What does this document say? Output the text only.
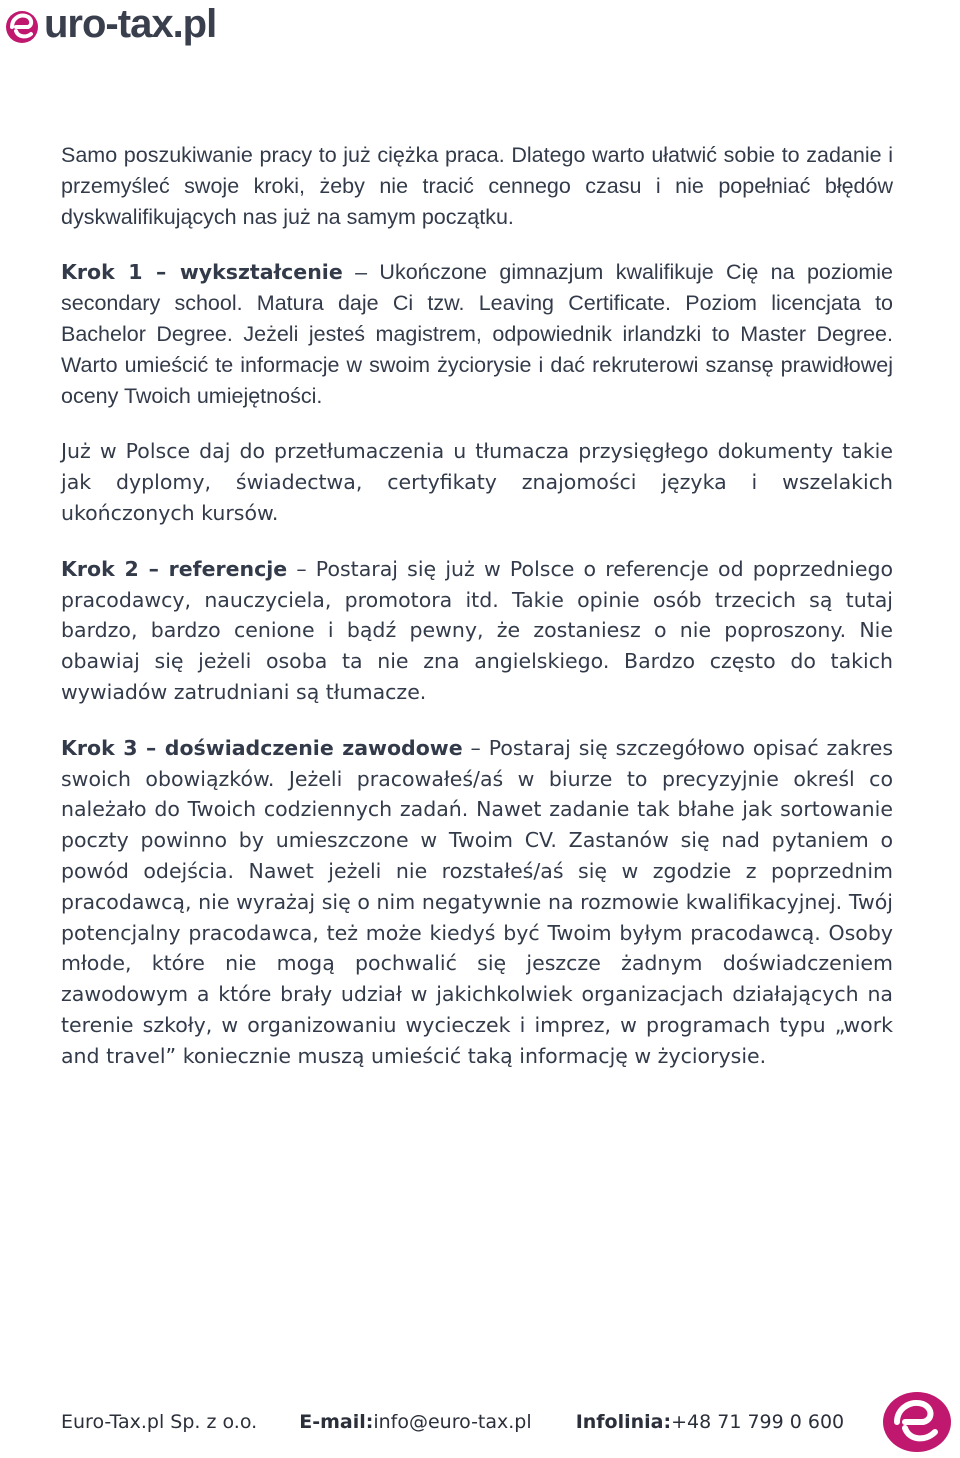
uro-tax.pl

Samo poszukiwanie pracy to już ciężka praca. Dlatego warto ułatwić sobie to zadanie i przemyśleć swoje kroki, żeby nie tracić cennego czasu i nie popełniać błędów dyskwalifikujących nas już na samym początku.

Krok 1 – wykształcenie – Ukończone gimnazjum kwalifikuje Cię na poziomie secondary school. Matura daje Ci tzw. Leaving Certificate. Poziom licencjata to Bachelor Degree. Jeżeli jesteś magistrem, odpowiednik irlandzki to Master Degree. Warto umieścić te informacje w swoim życiorysie i dać rekruterowi szansę prawidłowej oceny Twoich umiejętności.

Już w Polsce daj do przetłumaczenia u tłumacza przysięgłego dokumenty takie jak dyplomy, świadectwa, certyfikaty znajomości języka i wszelakich ukończonych kursów.

Krok 2 – referencje – Postaraj się już w Polsce o referencje od poprzedniego pracodawcy, nauczyciela, promotora itd. Takie opinie osób trzecich są tutaj bardzo, bardzo cenione i bądź pewny, że zostaniesz o nie poproszony. Nie obawiaj się jeżeli osoba ta nie zna angielskiego. Bardzo często do takich wywiadów zatrudniani są tłumacze.

Krok 3 – doświadczenie zawodowe – Postaraj się szczegółowo opisać zakres swoich obowiązków. Jeżeli pracowałeś/aś w biurze to precyzyjnie określ co należało do Twoich codziennych zadań. Nawet zadanie tak błahe jak sortowanie poczty powinno by umieszczone w Twoim CV. Zastanów się nad pytaniem o powód odejścia. Nawet jeżeli nie rozstałeś/aś się w zgodzie z poprzednim pracodawcą, nie wyrażaj się o nim negatywnie na rozmowie kwalifikacyjnej. Twój potencjalny pracodawca, też może kiedyś być Twoim byłym pracodawcą. Osoby młode, które nie mogą pochwalić się jeszcze żadnym doświadczeniem zawodowym a które brały udział w jakichkolwiek organizacjach działających na terenie szkoły, w organizowaniu wycieczek i imprez, w programach typu „work and travel” koniecznie muszą umieścić taką informację w życiorysie.

Euro-Tax.pl Sp. z o.o. E-mail:info@euro-tax.pl Infolinia:+48 71 799 0 600
